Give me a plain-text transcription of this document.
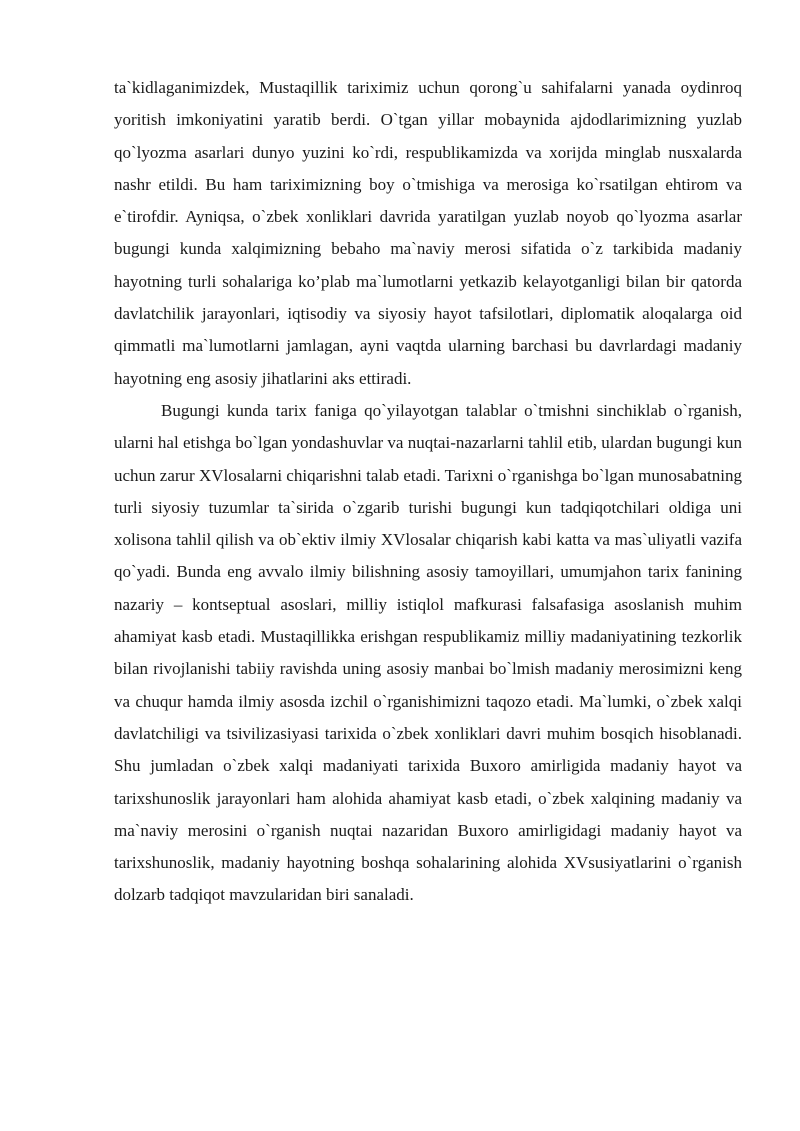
ta`kidlaganimizdek, Mustaqillik tariximiz uchun qorong`u sahifalarni yanada oydinroq yoritish imkoniyatini yaratib berdi. O`tgan yillar mobaynida ajdodlarimizning yuzlab qo`lyozma asarlari dunyo yuzini ko`rdi, respublikamizda va xorijda minglab nusxalarda nashr etildi. Bu ham tariximizning boy o`tmishiga va merosiga ko`rsatilgan ehtirom va e`tirofdir. Ayniqsa, o`zbek xonliklari davrida yaratilgan yuzlab noyob qo`lyozma asarlar bugungi kunda xalqimizning bebaho ma`naviy merosi sifatida o`z tarkibida madaniy hayotning turli sohalariga ko’plab ma`lumotlarni yetkazib kelayotganligi bilan bir qatorda davlatchilik jarayonlari, iqtisodiy va siyosiy hayot tafsilotlari, diplomatik aloqalarga oid qimmatli ma`lumotlarni jamlagan, ayni vaqtda ularning barchasi bu davrlardagi madaniy hayotning eng asosiy jihatlarini aks ettiradi.

Bugungi kunda tarix faniga qo`yilayotgan talablar o`tmishni sinchiklab o`rganish, ularni hal etishga bo`lgan yondashuvlar va nuqtai-nazarlarni tahlil etib, ulardan bugungi kun uchun zarur XVlosalarni chiqarishni talab etadi. Tarixni o`rganishga bo`lgan munosabatning turli siyosiy tuzumlar ta`sirida o`zgarib turishi bugungi kun tadqiqotchilari oldiga uni xolisona tahlil qilish va ob`ektiv ilmiy XVlosalar chiqarish kabi katta va mas`uliyatli vazifa qo`yadi. Bunda eng avvalo ilmiy bilishning asosiy tamoyillari, umumjahon tarix fanining nazariy – kontseptual asoslari, milliy istiqlol mafkurasi falsafasiga asoslanish muhim ahamiyat kasb etadi. Mustaqillikka erishgan respublikamiz milliy madaniyatining tezkorlik bilan rivojlanishi tabiiy ravishda uning asosiy manbai bo`lmish madaniy merosimizni keng va chuqur hamda ilmiy asosda izchil o`rganishimizni taqozo etadi. Ma`lumki, o`zbek xalqi davlatchiligi va tsivilizasiyasi tarixida o`zbek xonliklari davri muhim bosqich hisoblanadi. Shu jumladan o`zbek xalqi madaniyati tarixida Buxoro amirligida madaniy hayot va tarixshunoslik jarayonlari ham alohida ahamiyat kasb etadi, o`zbek xalqining madaniy va ma`naviy merosini o`rganish nuqtai nazaridan Buxoro amirligidagi madaniy hayot va tarixshunoslik, madaniy hayotning boshqa sohalarining alohida XVsusiyatlarini o`rganish dolzarb tadqiqot mavzularidan biri sanaladi.
